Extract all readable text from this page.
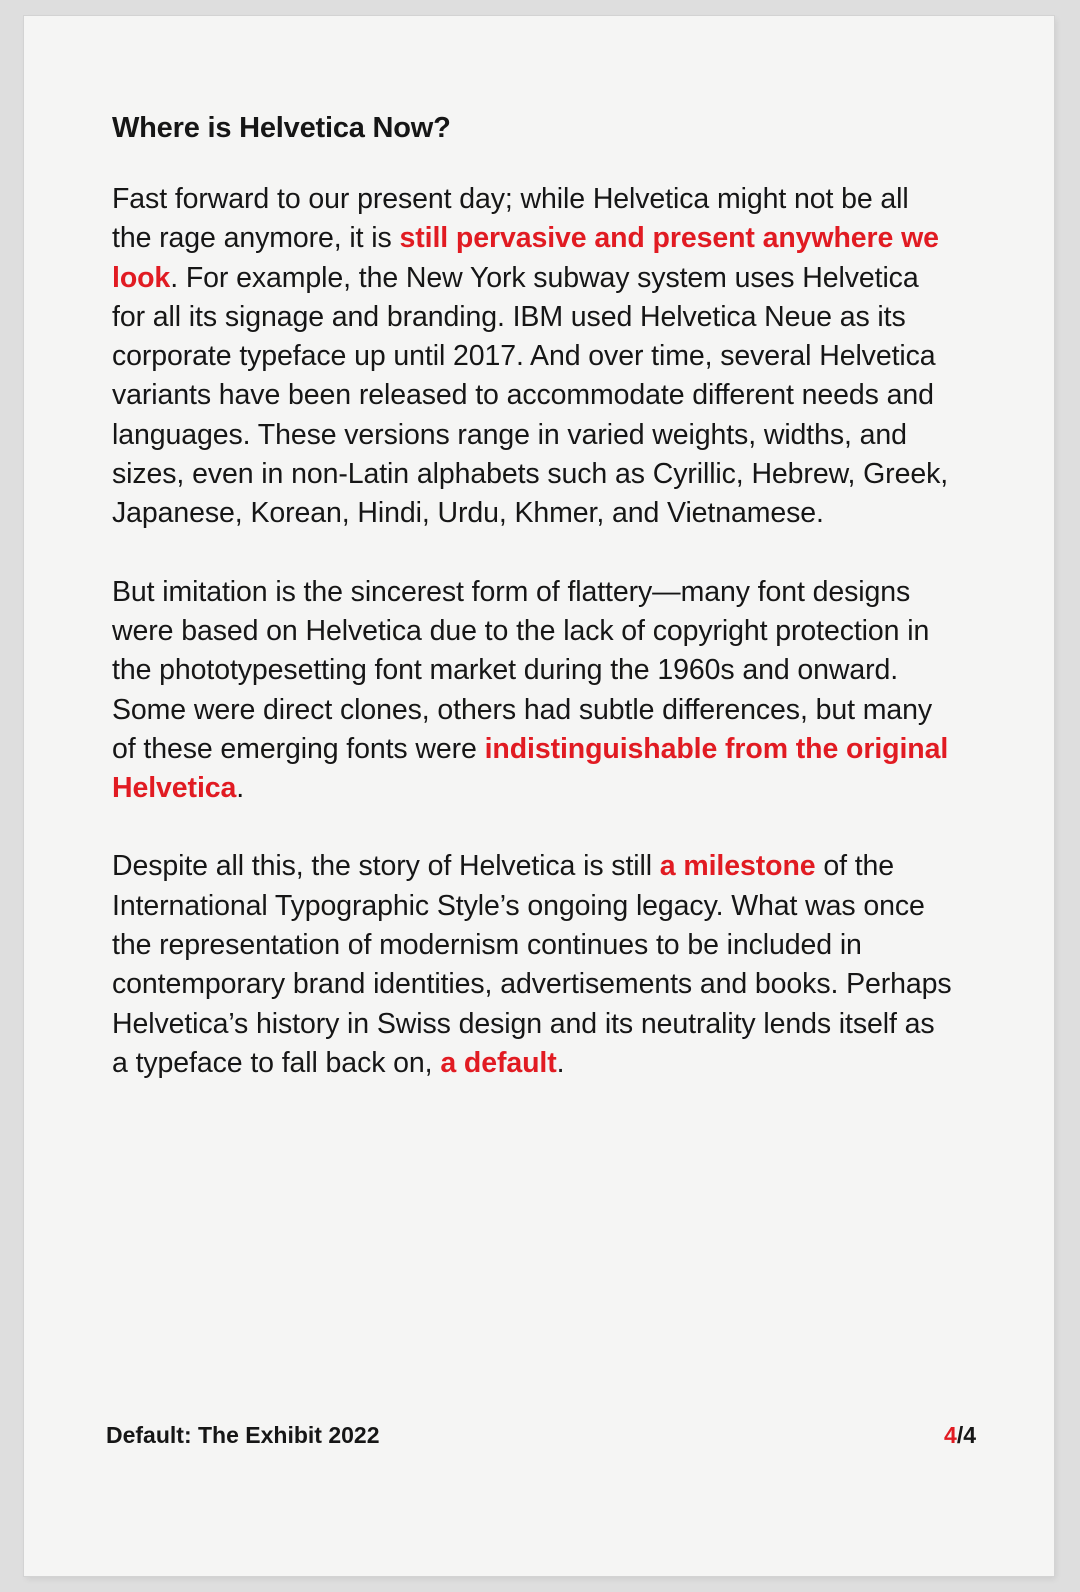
Where is Helvetica Now?

Fast forward to our present day; while Helvetica might not be all the rage anymore, it is still pervasive and present anywhere we look. For example, the New York subway system uses Helvetica for all its signage and branding. IBM used Helvetica Neue as its corporate typeface up until 2017. And over time, several Helvetica variants have been released to accommodate different needs and languages. These versions range in varied weights, widths, and sizes, even in non-Latin alphabets such as Cyrillic, Hebrew, Greek, Japanese, Korean, Hindi, Urdu, Khmer, and Vietnamese.

But imitation is the sincerest form of flattery—many font designs were based on Helvetica due to the lack of copyright protection in the phototypesetting font market during the 1960s and onward. Some were direct clones, others had subtle differences, but many of these emerging fonts were indistinguishable from the original Helvetica.

Despite all this, the story of Helvetica is still a milestone of the International Typographic Style’s ongoing legacy. What was once the representation of modernism continues to be included in contemporary brand identities, advertisements and books. Perhaps Helvetica’s history in Swiss design and its neutrality lends itself as a typeface to fall back on, a default.

Default: The Exhibit 2022	4/4
